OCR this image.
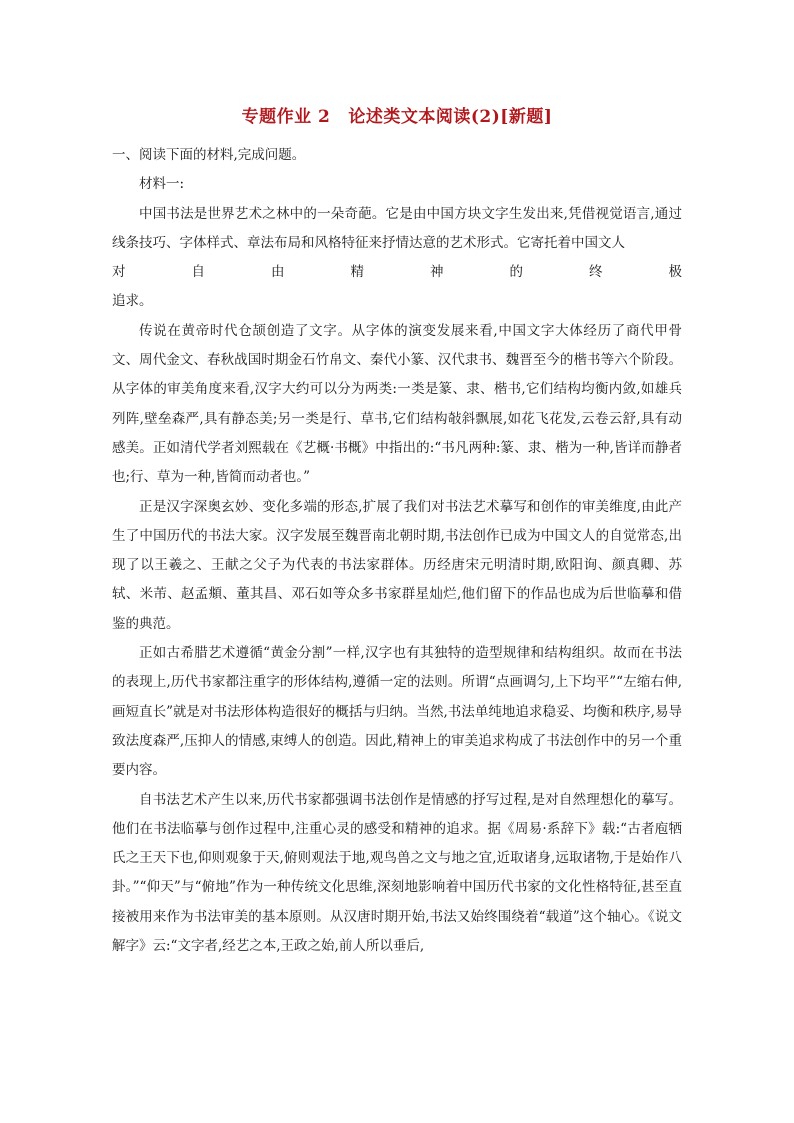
专题作业 2 论述类文本阅读(2)[新题]

一、阅读下面的材料,完成问题。

材料一:

中国书法是世界艺术之林中的一朵奇葩。它是由中国方块文字生发出来,凭借视觉语言,通过线条技巧、字体样式、章法布局和风格特征来抒情达意的艺术形式。它寄托着中国文人

对	自	由	精	神	的	终	极

追求。

传说在黄帝时代仓颉创造了文字。从字体的演变发展来看,中国文字大体经历了商代甲骨文、周代金文、春秋战国时期金石竹帛文、秦代小篆、汉代隶书、魏晋至今的楷书等六个阶段。从字体的审美角度来看,汉字大约可以分为两类:一类是篆、隶、楷书,它们结构均衡内敛,如雄兵列阵,壁垒森严,具有静态美;另一类是行、草书,它们结构敧斜飘展,如花飞花发,云卷云舒,具有动感美。正如清代学者刘熙载在《艺概·书概》中指出的:“书凡两种:篆、隶、楷为一种,皆详而静者也;行、草为一种,皆简而动者也。”

正是汉字深奥玄妙、变化多端的形态,扩展了我们对书法艺术摹写和创作的审美维度,由此产生了中国历代的书法大家。汉字发展至魏晋南北朝时期,书法创作已成为中国文人的自觉常态,出现了以王羲之、王献之父子为代表的书法家群体。历经唐宋元明清时期,欧阳询、颜真卿、苏轼、米芾、赵孟頫、董其昌、邓石如等众多书家群星灿烂,他们留下的作品也成为后世临摹和借鉴的典范。

正如古希腊艺术遵循“黄金分割”一样,汉字也有其独特的造型规律和结构组织。故而在书法的表现上,历代书家都注重字的形体结构,遵循一定的法则。所谓“点画调匀,上下均平”“左缩右伸,画短直长”就是对书法形体构造很好的概括与归纳。当然,书法单纯地追求稳妥、均衡和秩序,易导致法度森严,压抑人的情感,束缚人的创造。因此,精神上的审美追求构成了书法创作中的另一个重要内容。

自书法艺术产生以来,历代书家都强调书法创作是情感的抒写过程,是对自然理想化的摹写。他们在书法临摹与创作过程中,注重心灵的感受和精神的追求。据《周易·系辞下》载:“古者庖牺氏之王天下也,仰则观象于天,俯则观法于地,观鸟兽之文与地之宜,近取诸身,远取诸物,于是始作八卦。”“仰天”与“俯地”作为一种传统文化思维,深刻地影响着中国历代书家的文化性格特征,甚至直接被用来作为书法审美的基本原则。从汉唐时期开始,书法又始终围绕着“载道”这个轴心。《说文解字》云:“文字者,经艺之本,王政之始,前人所以垂后,
